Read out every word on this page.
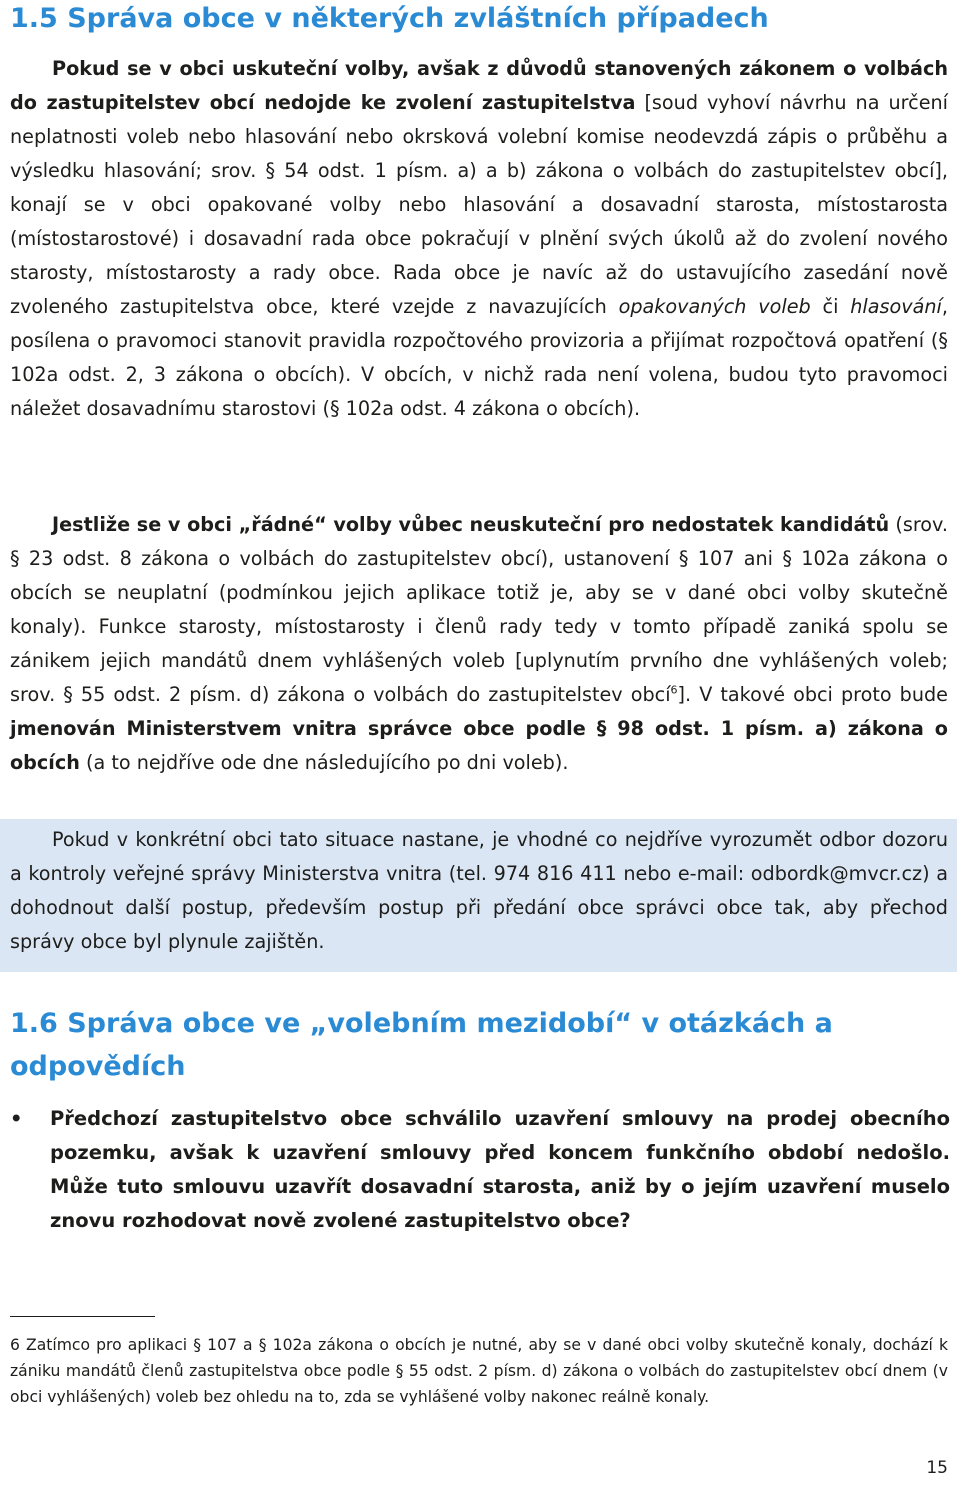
1.5 Správa obce v některých zvláštních případech

Pokud se v obci uskuteční volby, avšak z důvodů stanovených zákonem o volbách do zastupitelstev obcí nedojde ke zvolení zastupitelstva [soud vyhoví návrhu na určení neplatnosti voleb nebo hlasování nebo okrsková volební komise neodevzdá zápis o průběhu a výsledku hlasování; srov. § 54 odst. 1 písm. a) a b) zákona o volbách do zastupitelstev obcí], konají se v obci opakované volby nebo hlasování a dosavadní starosta, místostarosta (místostarostové) i dosavadní rada obce pokračují v plnění svých úkolů až do zvolení nového starosty, místostarosty a rady obce. Rada obce je navíc až do ustavujícího zasedání nově zvoleného zastupitelstva obce, které vzejde z navazujících opakovaných voleb či hlasování, posílena o pravomoci stanovit pravidla rozpočtového provizoria a přijímat rozpočtová opatření (§ 102a odst. 2, 3 zákona o obcích). V obcích, v nichž rada není volena, budou tyto pravomoci náležet dosavadnímu starostovi (§ 102a odst. 4 zákona o obcích).

Jestliže se v obci „řádné“ volby vůbec neuskuteční pro nedostatek kandidátů (srov. § 23 odst. 8 zákona o volbách do zastupitelstev obcí), ustanovení § 107 ani § 102a zákona o obcích se neuplatní (podmínkou jejich aplikace totiž je, aby se v dané obci volby skutečně konaly). Funkce starosty, místostarosty i členů rady tedy v tomto případě zaniká spolu se zánikem jejich mandátů dnem vyhlášených voleb [uplynutím prvního dne vyhlášených voleb; srov. § 55 odst. 2 písm. d) zákona o volbách do zastupitelstev obcí$^6$]. V takové obci proto bude jmenován Ministerstvem vnitra správce obce podle § 98 odst. 1 písm. a) zákona o obcích (a to nejdříve ode dne následujícího po dni voleb).

Pokud v konkrétní obci tato situace nastane, je vhodné co nejdříve vyrozumět odbor dozoru a kontroly veřejné správy Ministerstva vnitra (tel. 974 816 411 nebo e-mail: odbordk@mvcr.cz) a dohodnout další postup, především postup při předání obce správci obce tak, aby přechod správy obce byl plynule zajištěn.

1.6 Správa obce ve „volebním mezidobí“ v otázkách a odpovědích
•	Předchozí zastupitelstvo obce schválilo uzavření smlouvy na prodej obecního pozemku, avšak k uzavření smlouvy před koncem funkčního období nedošlo. Může tuto smlouvu uzavřít dosavadní starosta, aniž by o jejím uzavření muselo znovu rozhodovat nově zvolené zastupitelstvo obce?

6 Zatímco pro aplikaci § 107 a § 102a zákona o obcích je nutné, aby se v dané obci volby skutečně konaly, dochází k zániku mandátů členů zastupitelstva obce podle § 55 odst. 2 písm. d) zákona o volbách do zastupitelstev obcí dnem (v obci vyhlášených) voleb bez ohledu na to, zda se vyhlášené volby nakonec reálně konaly.

15
